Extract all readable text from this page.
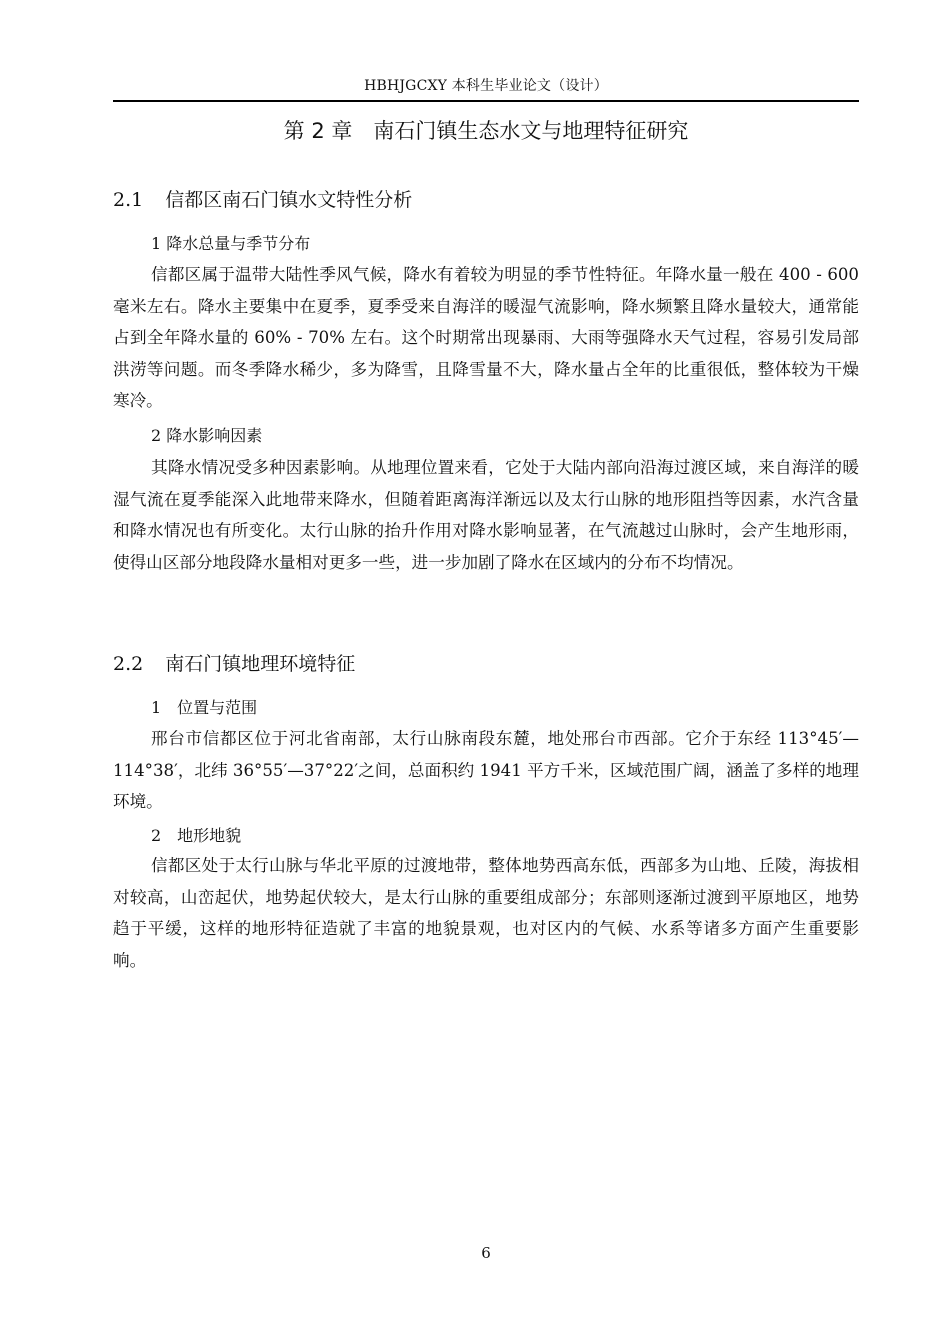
HBHJGCXY 本科生毕业论文（设计）
第 2 章　南石门镇生态水文与地理特征研究
2.1 信都区南石门镇水文特性分析
1 降水总量与季节分布

信都区属于温带大陆性季风气候，降水有着较为明显的季节性特征。年降水量一般在 400 - 600 毫米左右。降水主要集中在夏季，夏季受来自海洋的暖湿气流影响，降水频繁且降水量较大，通常能占到全年降水量的 60% - 70% 左右。这个时期常出现暴雨、大雨等强降水天气过程，容易引发局部洪涝等问题。而冬季降水稀少，多为降雪，且降雪量不大，降水量占全年的比重很低，整体较为干燥寒冷。

2 降水影响因素

其降水情况受多种因素影响。从地理位置来看，它处于大陆内部向沿海过渡区域，来自海洋的暖湿气流在夏季能深入此地带来降水，但随着距离海洋渐远以及太行山脉的地形阻挡等因素，水汽含量和降水情况也有所变化。太行山脉的抬升作用对降水影响显著，在气流越过山脉时，会产生地形雨，使得山区部分地段降水量相对更多一些，进一步加剧了降水在区域内的分布不均情况。

2.2 南石门镇地理环境特征
1　位置与范围

邢台市信都区位于河北省南部，太行山脉南段东麓，地处邢台市西部。它介于东经 113°45′—114°38′，北纬 36°55′—37°22′之间，总面积约 1941 平方千米，区域范围广阔，涵盖了多样的地理环境。

2　地形地貌

信都区处于太行山脉与华北平原的过渡地带，整体地势西高东低，西部多为山地、丘陵，海拔相对较高，山峦起伏，地势起伏较大，是太行山脉的重要组成部分；东部则逐渐过渡到平原地区，地势趋于平缓，这样的地形特征造就了丰富的地貌景观，也对区内的气候、水系等诸多方面产生重要影响。

6
